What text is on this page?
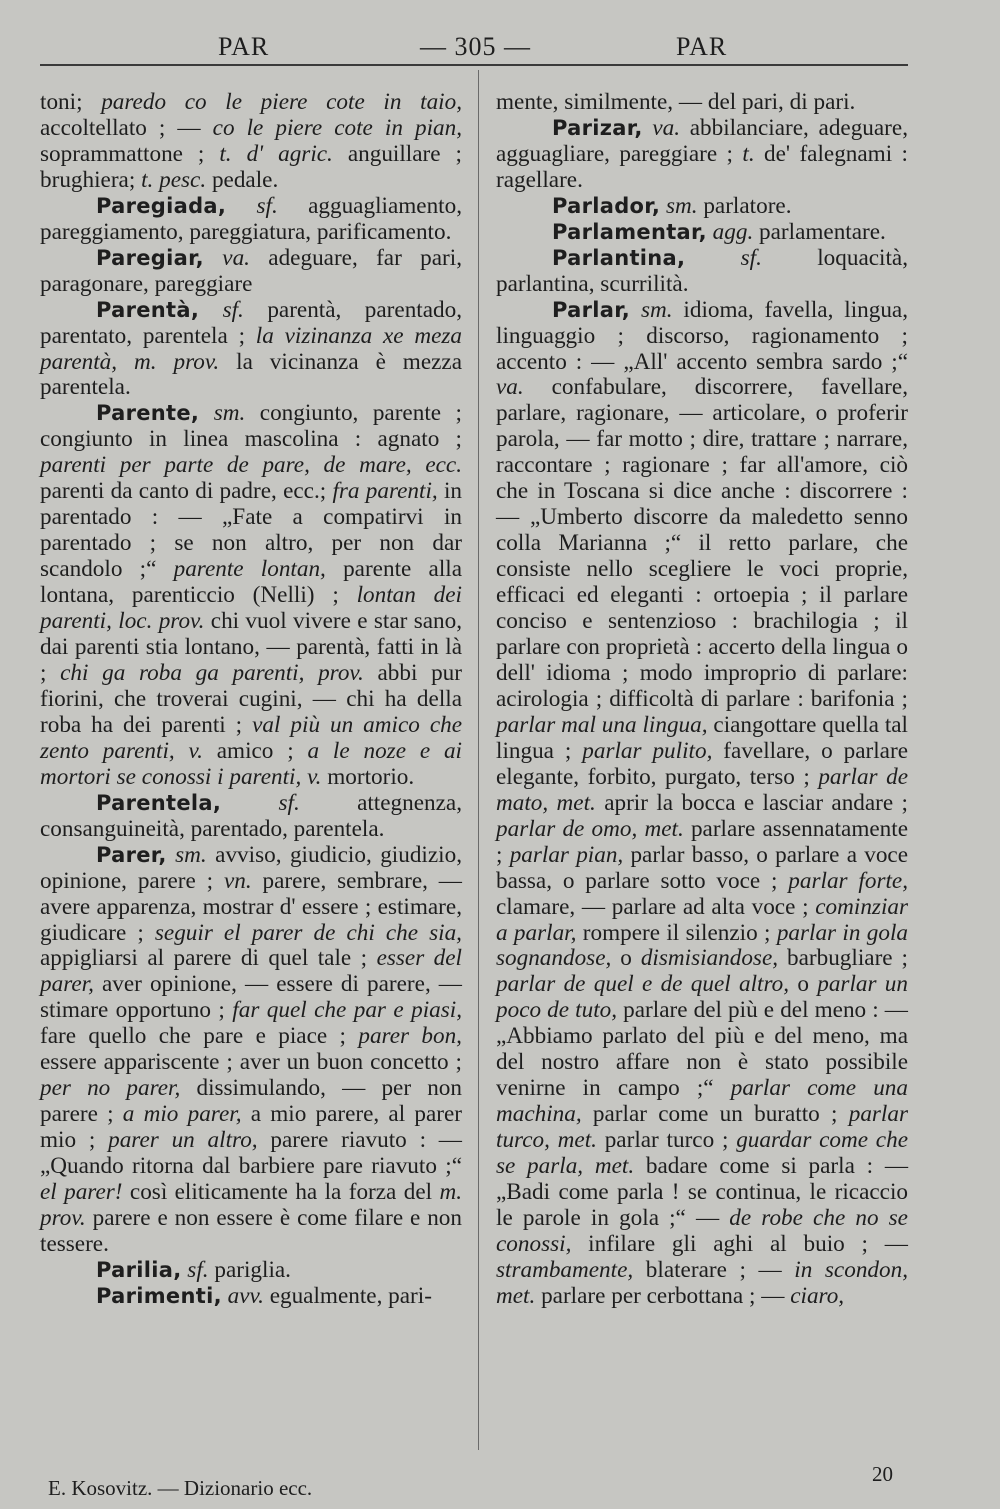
PAR	— 305 —	PAR

toni; paredo co le piere cote in taio, accoltellato ; — co le piere cote in pian, soprammattone ; t. d' agric. anguillare ; brughiera; t. pesc. pedale.

Paregiada, sf. agguagliamento, pareggiamento, pareggiatura, parificamento.

Paregiar, va. adeguare, far pari, paragonare, pareggiare

Parentà, sf. parentà, parentado, parentato, parentela ; la vizinanza xe meza parentà, m. prov. la vicinanza è mezza parentela.

Parente, sm. congiunto, parente ; congiunto in linea mascolina : agnato ; parenti per parte de pare, de mare, ecc. parenti da canto di padre, ecc.; fra parenti, in parentado : — „Fate a compatirvi in parentado ; se non altro, per non dar scandolo ;“ parente lontan, parente alla lontana, parenticcio (Nelli) ; lontan dei parenti, loc. prov. chi vuol vivere e star sano, dai parenti stia lontano, — parentà, fatti in là ; chi ga roba ga parenti, prov. abbi pur fiorini, che troverai cugini, — chi ha della roba ha dei parenti ; val più un amico che zento parenti, v. amico ; a le noze e ai mortori se conossi i parenti, v. mortorio.

Parentela, sf. attegnenza, consanguineità, parentado, parentela.

Parer, sm. avviso, giudicio, giudizio, opinione, parere ; vn. parere, sembrare, — avere apparenza, mostrar d' essere ; estimare, giudicare ; seguir el parer de chi che sia, appigliarsi al parere di quel tale ; esser del parer, aver opinione, — essere di parere, — stimare opportuno ; far quel che par e piasi, fare quello che pare e piace ; parer bon, essere appariscente ; aver un buon concetto ; per no parer, dissimulando, — per non parere ; a mio parer, a mio parere, al parer mio ; parer un altro, parere riavuto : — „Quando ritorna dal barbiere pare riavuto ;“ el parer! così eliticamente ha la forza del m. prov. parere e non essere è come filare e non tessere.

Parilia, sf. pariglia.

Parimenti, avv. egualmente, pari-

mente, similmente, — del pari, di pari.

Parizar, va. abbilanciare, adeguare, agguagliare, pareggiare ; t. de' falegnami : ragellare.

Parlador, sm. parlatore.

Parlamentar, agg. parlamentare.

Parlantina, sf. loquacità, parlantina, scurrilità.

Parlar, sm. idioma, favella, lingua, linguaggio ; discorso, ragionamento ; accento : — „All' accento sembra sardo ;“ va. confabulare, discorrere, favellare, parlare, ragionare, — articolare, o proferir parola, — far motto ; dire, trattare ; narrare, raccontare ; ragionare ; far all'amore, ciò che in Toscana si dice anche : discorrere : — „Umberto discorre da maledetto senno colla Marianna ;“ il retto parlare, che consiste nello scegliere le voci proprie, efficaci ed eleganti : ortoepia ; il parlare conciso e sentenzioso : brachilogia ; il parlare con proprietà : accerto della lingua o dell' idioma ; modo improprio di parlare: acirologia ; difficoltà di parlare : barifonia ; parlar mal una lingua, ciangottare quella tal lingua ; parlar pulito, favellare, o parlare elegante, forbito, purgato, terso ; parlar de mato, met. aprir la bocca e lasciar andare ; parlar de omo, met. parlare assennatamente ; parlar pian, parlar basso, o parlare a voce bassa, o parlare sotto voce ; parlar forte, clamare, — parlare ad alta voce ; cominziar a parlar, rompere il silenzio ; parlar in gola sognandose, o dismisiandose, barbugliare ; parlar de quel e de quel altro, o parlar un poco de tuto, parlare del più e del meno : — „Abbiamo parlato del più e del meno, ma del nostro affare non è stato possibile venirne in campo ;“ parlar come una machina, parlar come un buratto ; parlar turco, met. parlar turco ; guardar come che se parla, met. badare come si parla : — „Badi come parla ! se continua, le ricaccio le parole in gola ;“ — de robe che no se conossi, infilare gli aghi al buio ; — strambamente, blaterare ; — in scondon, met. parlare per cerbottana ; — ciaro,

E. Kosovitz. — Dizionario ecc.
20
